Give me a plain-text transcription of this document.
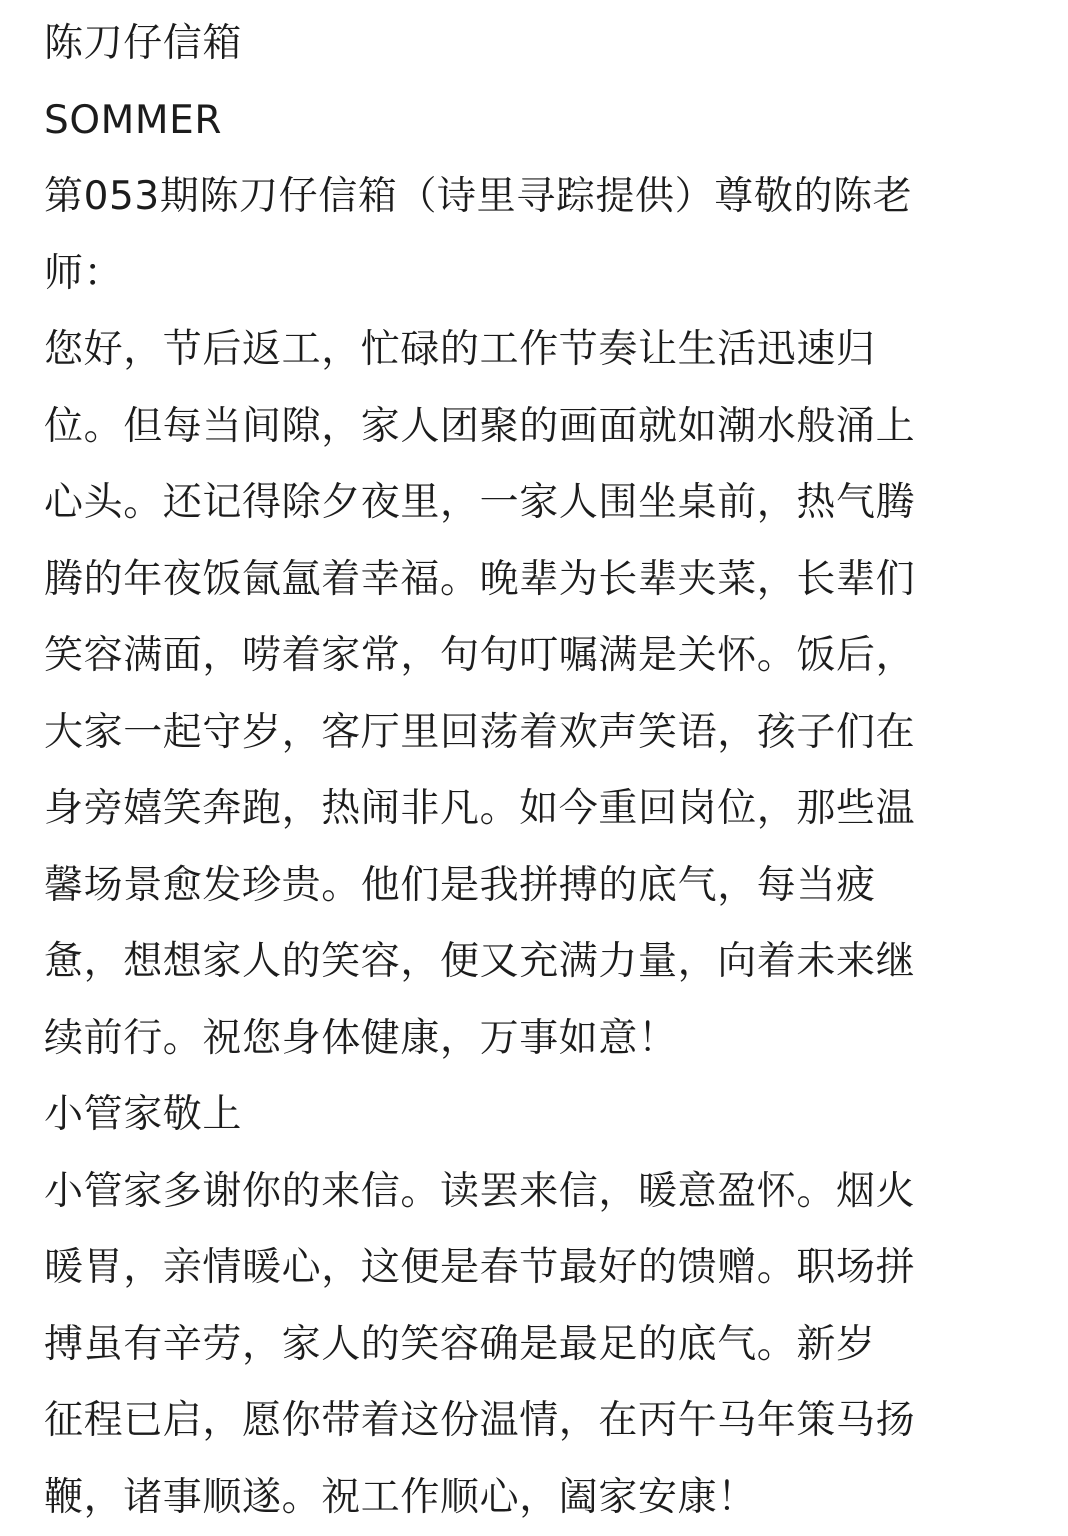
陈刀仔信箱
SOMMER
第053期陈刀仔信箱（诗里寻踪提供）尊敬的陈老
师：
您好，节后返工，忙碌的工作节奏让生活迅速归
位。但每当间隙，家人团聚的画面就如潮水般涌上
心头。还记得除夕夜里，一家人围坐桌前，热气腾
腾的年夜饭氤氲着幸福。晚辈为长辈夹菜，长辈们
笑容满面，唠着家常，句句叮嘱满是关怀。饭后，
大家一起守岁，客厅里回荡着欢声笑语，孩子们在
身旁嬉笑奔跑，热闹非凡。如今重回岗位，那些温
馨场景愈发珍贵。他们是我拼搏的底气，每当疲
惫，想想家人的笑容，便又充满力量，向着未来继
续前行。祝您身体健康，万事如意！
小管家敬上
小管家多谢你的来信。读罢来信，暖意盈怀。烟火
暖胃，亲情暖心，这便是春节最好的馈赠。职场拼
搏虽有辛劳，家人的笑容确是最足的底气。新岁
征程已启，愿你带着这份温情，在丙午马年策马扬
鞭，诸事顺遂。祝工作顺心，阖家安康！
